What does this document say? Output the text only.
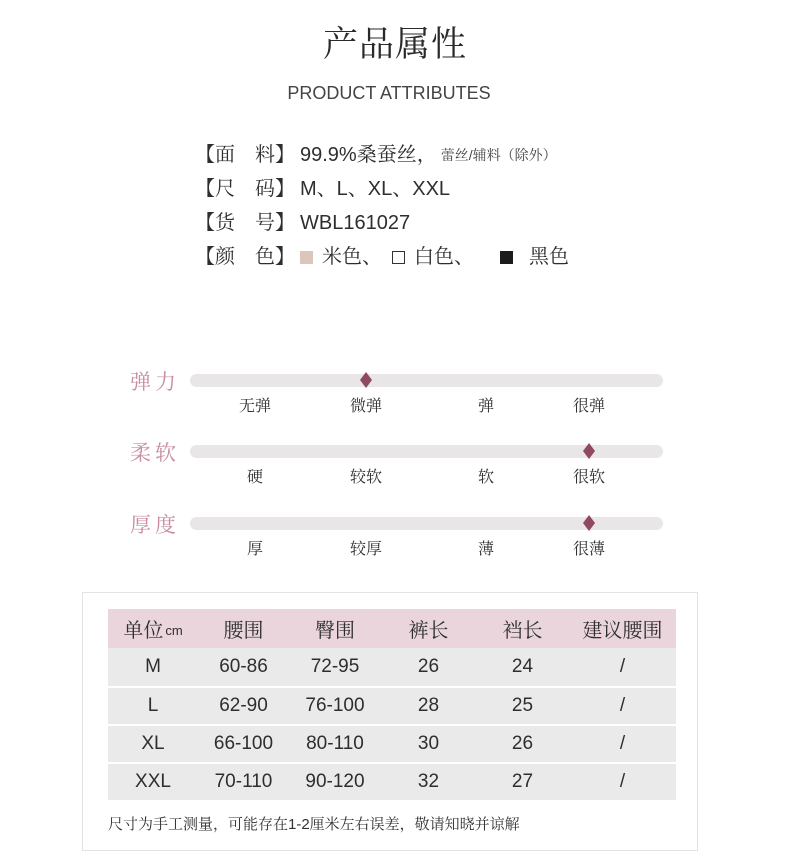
产品属性
PRODUCT ATTRIBUTES
【面 料】 99.9%桑蚕丝， 蕾丝/辅料（除外）
【尺 码】 M、L、XL、XXL
【货 号】 WBL161027
【颜 色】 米色、 白色、	黑色
弹力
无弹	微弹	弹	很弹
柔软
硬	较软	软	很软
厚度
厚	较厚	薄	很薄
单位 cm	腰围	臀围	裤长	裆长	建议腰围
M	60-86	72-95	26	24	/
L	62-90	76-100	28	25	/
XL	66-100	80-110	30	26	/
XXL	70-110	90-120	32	27	/
尺寸为手工测量，可能存在1-2厘米左右误差，敬请知晓并谅解
